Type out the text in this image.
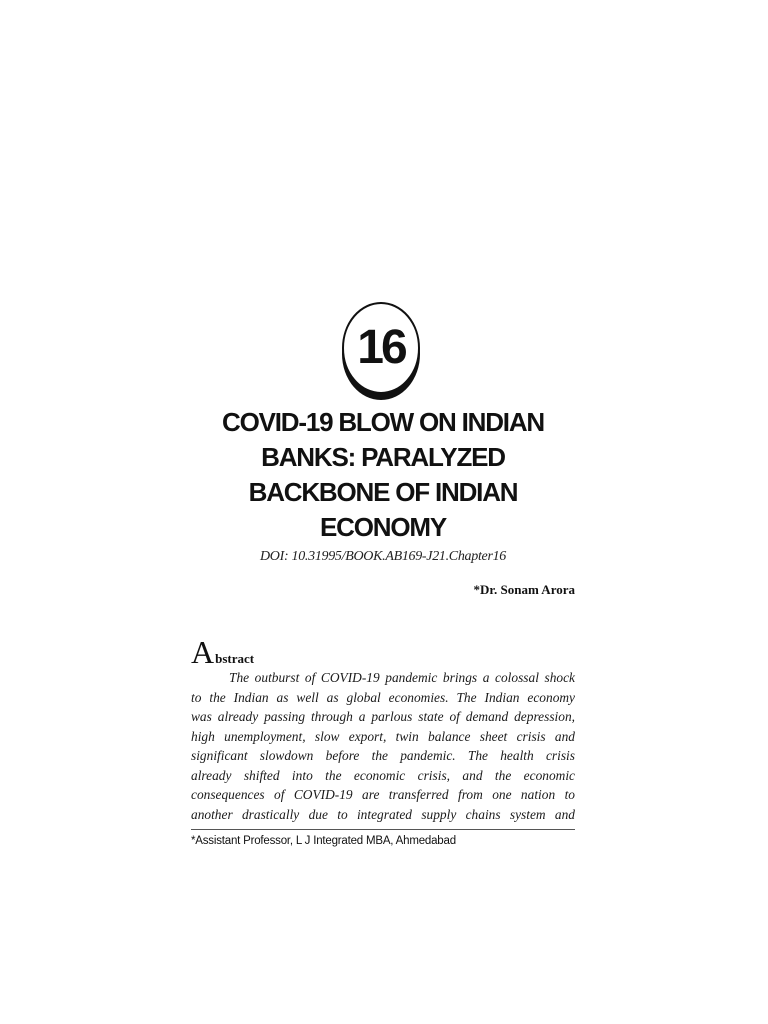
16
COVID-19 BLOW ON INDIAN
BANKS: PARALYZED
BACKBONE OF INDIAN
ECONOMY
DOI: 10.31995/BOOK.AB169-J21.Chapter16
*Dr. Sonam Arora
Abstract
The outburst of COVID-19 pandemic brings a colossal shock
to the Indian as well as global economies. The Indian economy
was already passing through a parlous state of demand depression,
high unemployment, slow export, twin balance sheet crisis and
significant slowdown before the pandemic. The health crisis
already shifted into the economic crisis, and the economic
consequences of COVID-19 are transferred from one nation to
another drastically due to integrated supply chains system and
*Assistant Professor, L J Integrated MBA, Ahmedabad
